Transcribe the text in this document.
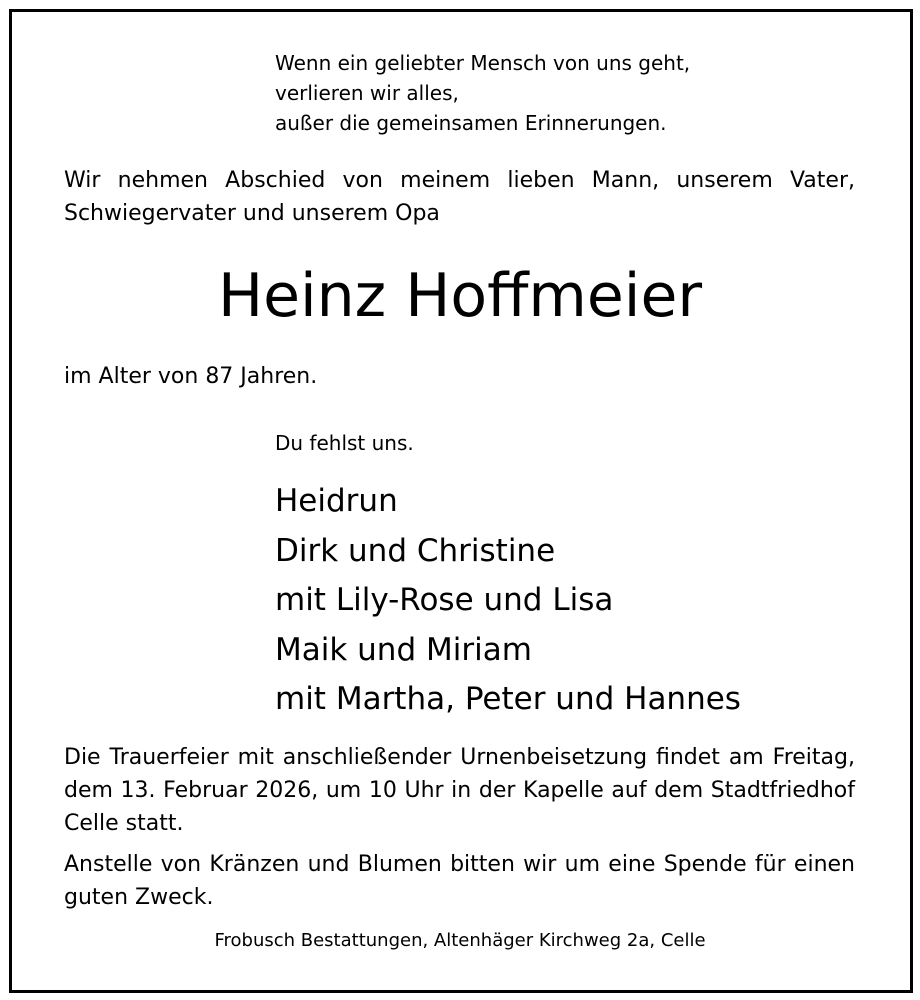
Wenn ein geliebter Mensch von uns geht,
verlieren wir alles,
außer die gemeinsamen Erinnerungen.
Wir nehmen Abschied von meinem lieben Mann, unserem Vater, Schwiegervater und unserem Opa
Heinz Hoffmeier
im Alter von 87 Jahren.
Du fehlst uns.
Heidrun
Dirk und Christine
mit Lily-Rose und Lisa
Maik und Miriam
mit Martha, Peter und Hannes
Die Trauerfeier mit anschließender Urnenbeisetzung findet am Freitag, dem 13. Februar 2026, um 10 Uhr in der Kapelle auf dem Stadtfriedhof Celle statt.
Anstelle von Kränzen und Blumen bitten wir um eine Spende für einen guten Zweck.
Frobusch Bestattungen, Altenhäger Kirchweg 2a, Celle
